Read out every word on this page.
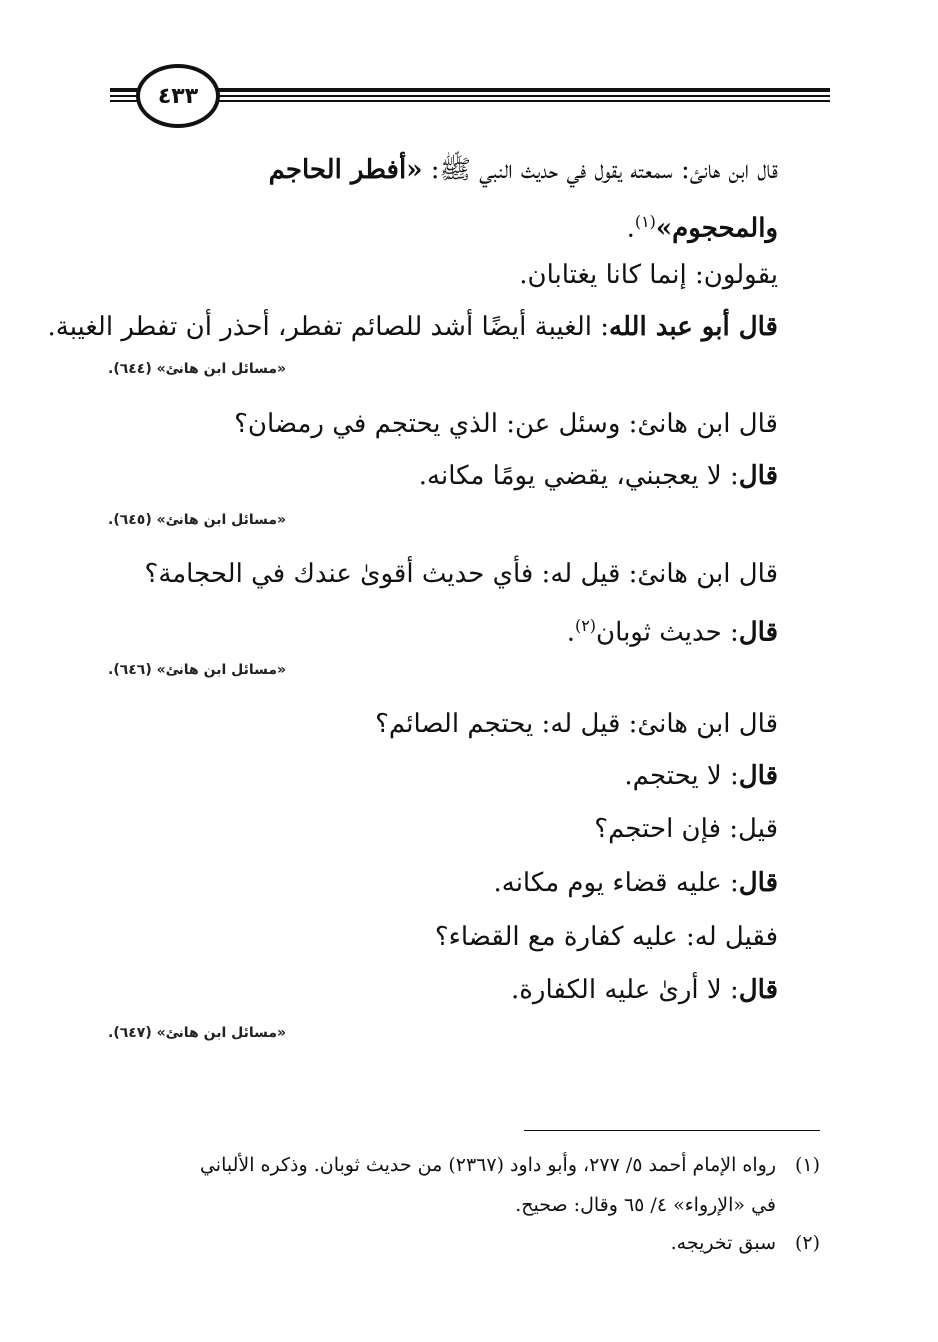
٤٣٣
قال ابن هانئ: سمعته يقول في حديث النبي ﷺ: «أفطر الحاجم
والمحجوم»$^{(١)}$.
يقولون: إنما كانا يغتابان.
قال أبو عبد الله: الغيبة أيضًا أشد للصائم تفطر، أحذر أن تفطر الغيبة.
«مسائل ابن هانئ» (٦٤٤).
قال ابن هانئ: وسئل عن: الذي يحتجم في رمضان؟
قال: لا يعجبني، يقضي يومًا مكانه.
«مسائل ابن هانئ» (٦٤٥).
قال ابن هانئ: قيل له: فأي حديث أقوىٰ عندك في الحجامة؟
قال: حديث ثوبان$^{(٢)}$.
«مسائل ابن هانئ» (٦٤٦).
قال ابن هانئ: قيل له: يحتجم الصائم؟
قال: لا يحتجم.
قيل: فإن احتجم؟
قال: عليه قضاء يوم مكانه.
فقيل له: عليه كفارة مع القضاء؟
قال: لا أرىٰ عليه الكفارة.
«مسائل ابن هانئ» (٦٤٧).
(١)رواه الإمام أحمد ٥/ ٢٧٧، وأبو داود (٢٣٦٧) من حديث ثوبان. وذكره الألباني
في «الإرواء» ٤/ ٦٥ وقال: صحيح.
(٢)سبق تخريجه.
